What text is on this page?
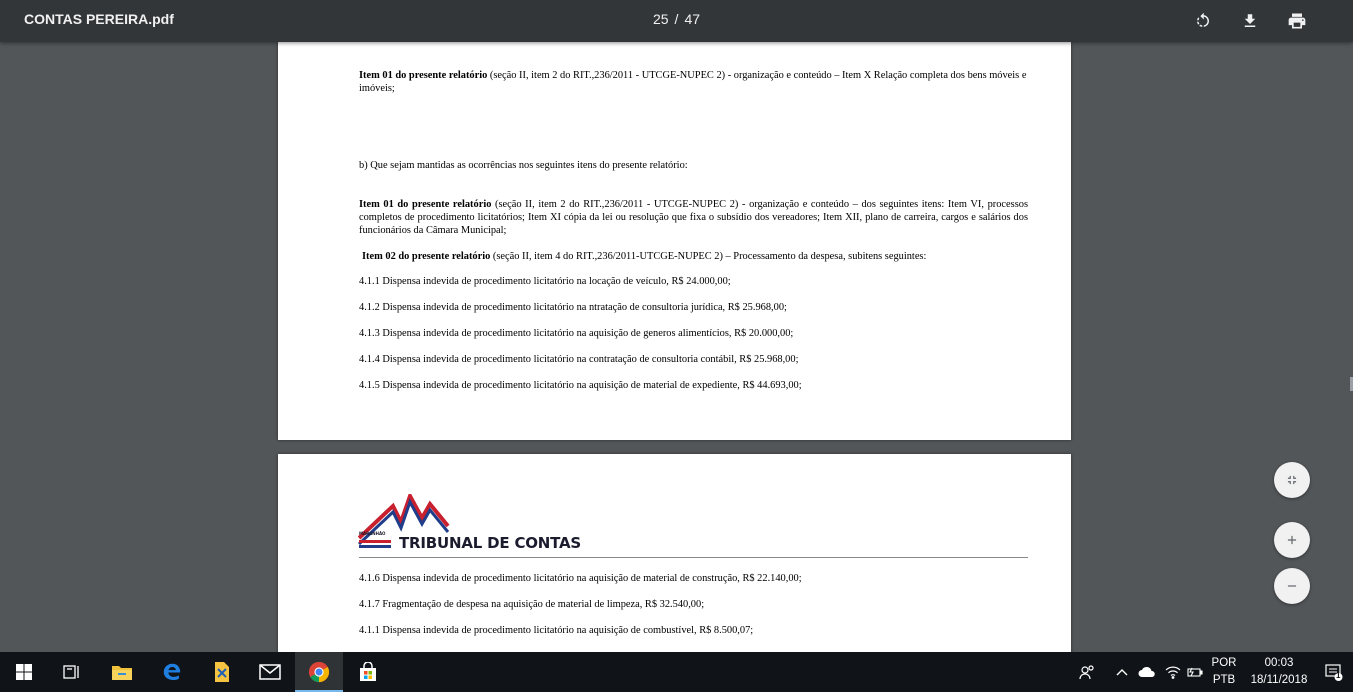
CONTAS PEREIRA.pdf	25 / 47
Item 01 do presente relatório (seção II, item 2 do RIT.,236/2011 - UTCGE-NUPEC 2) - organização e conteúdo – Item X Relação completa dos bens móveis e imóveis;
b) Que sejam mantidas as ocorrências nos seguintes itens do presente relatório:
Item 01 do presente relatório (seção II, item 2 do RIT.,236/2011 - UTCGE-NUPEC 2) - organização e conteúdo – dos seguintes itens: Item VI, processos completos de procedimento licitatórios; Item XI cópia da lei ou resolução que fixa o subsídio dos vereadores; Item XII, plano de carreira, cargos e salários dos funcionários da Câmara Municipal;
Item 02 do presente relatório (seção II, item 4 do RIT.,236/2011-UTCGE-NUPEC 2) – Processamento da despesa, subitens seguintes:
4.1.1 Dispensa indevida de procedimento licitatório na locação de veículo, R$ 24.000,00;
4.1.2 Dispensa indevida de procedimento licitatório na ntratação de consultoria jurídica, R$ 25.968,00;
4.1.3 Dispensa indevida de procedimento licitatório na aquisição de generos alimentícios, R$ 20.000,00;
4.1.4 Dispensa indevida de procedimento licitatório na contratação de consultoria contábil, R$ 25.968,00;
4.1.5 Dispensa indevida de procedimento licitatório na aquisição de material de expediente, R$ 44.693,00;
MARANHÃO
TRIBUNAL DE CONTAS
4.1.6 Dispensa indevida de procedimento licitatório na aquisição de material de construção, R$ 22.140,00;
4.1.7 Fragmentação de despesa na aquisição de material de limpeza, R$ 32.540,00;
4.1.1 Dispensa indevida de procedimento licitatório na aquisição de combustível, R$ 8.500,07;
POR
PTB
00:03
18/11/2018	1
